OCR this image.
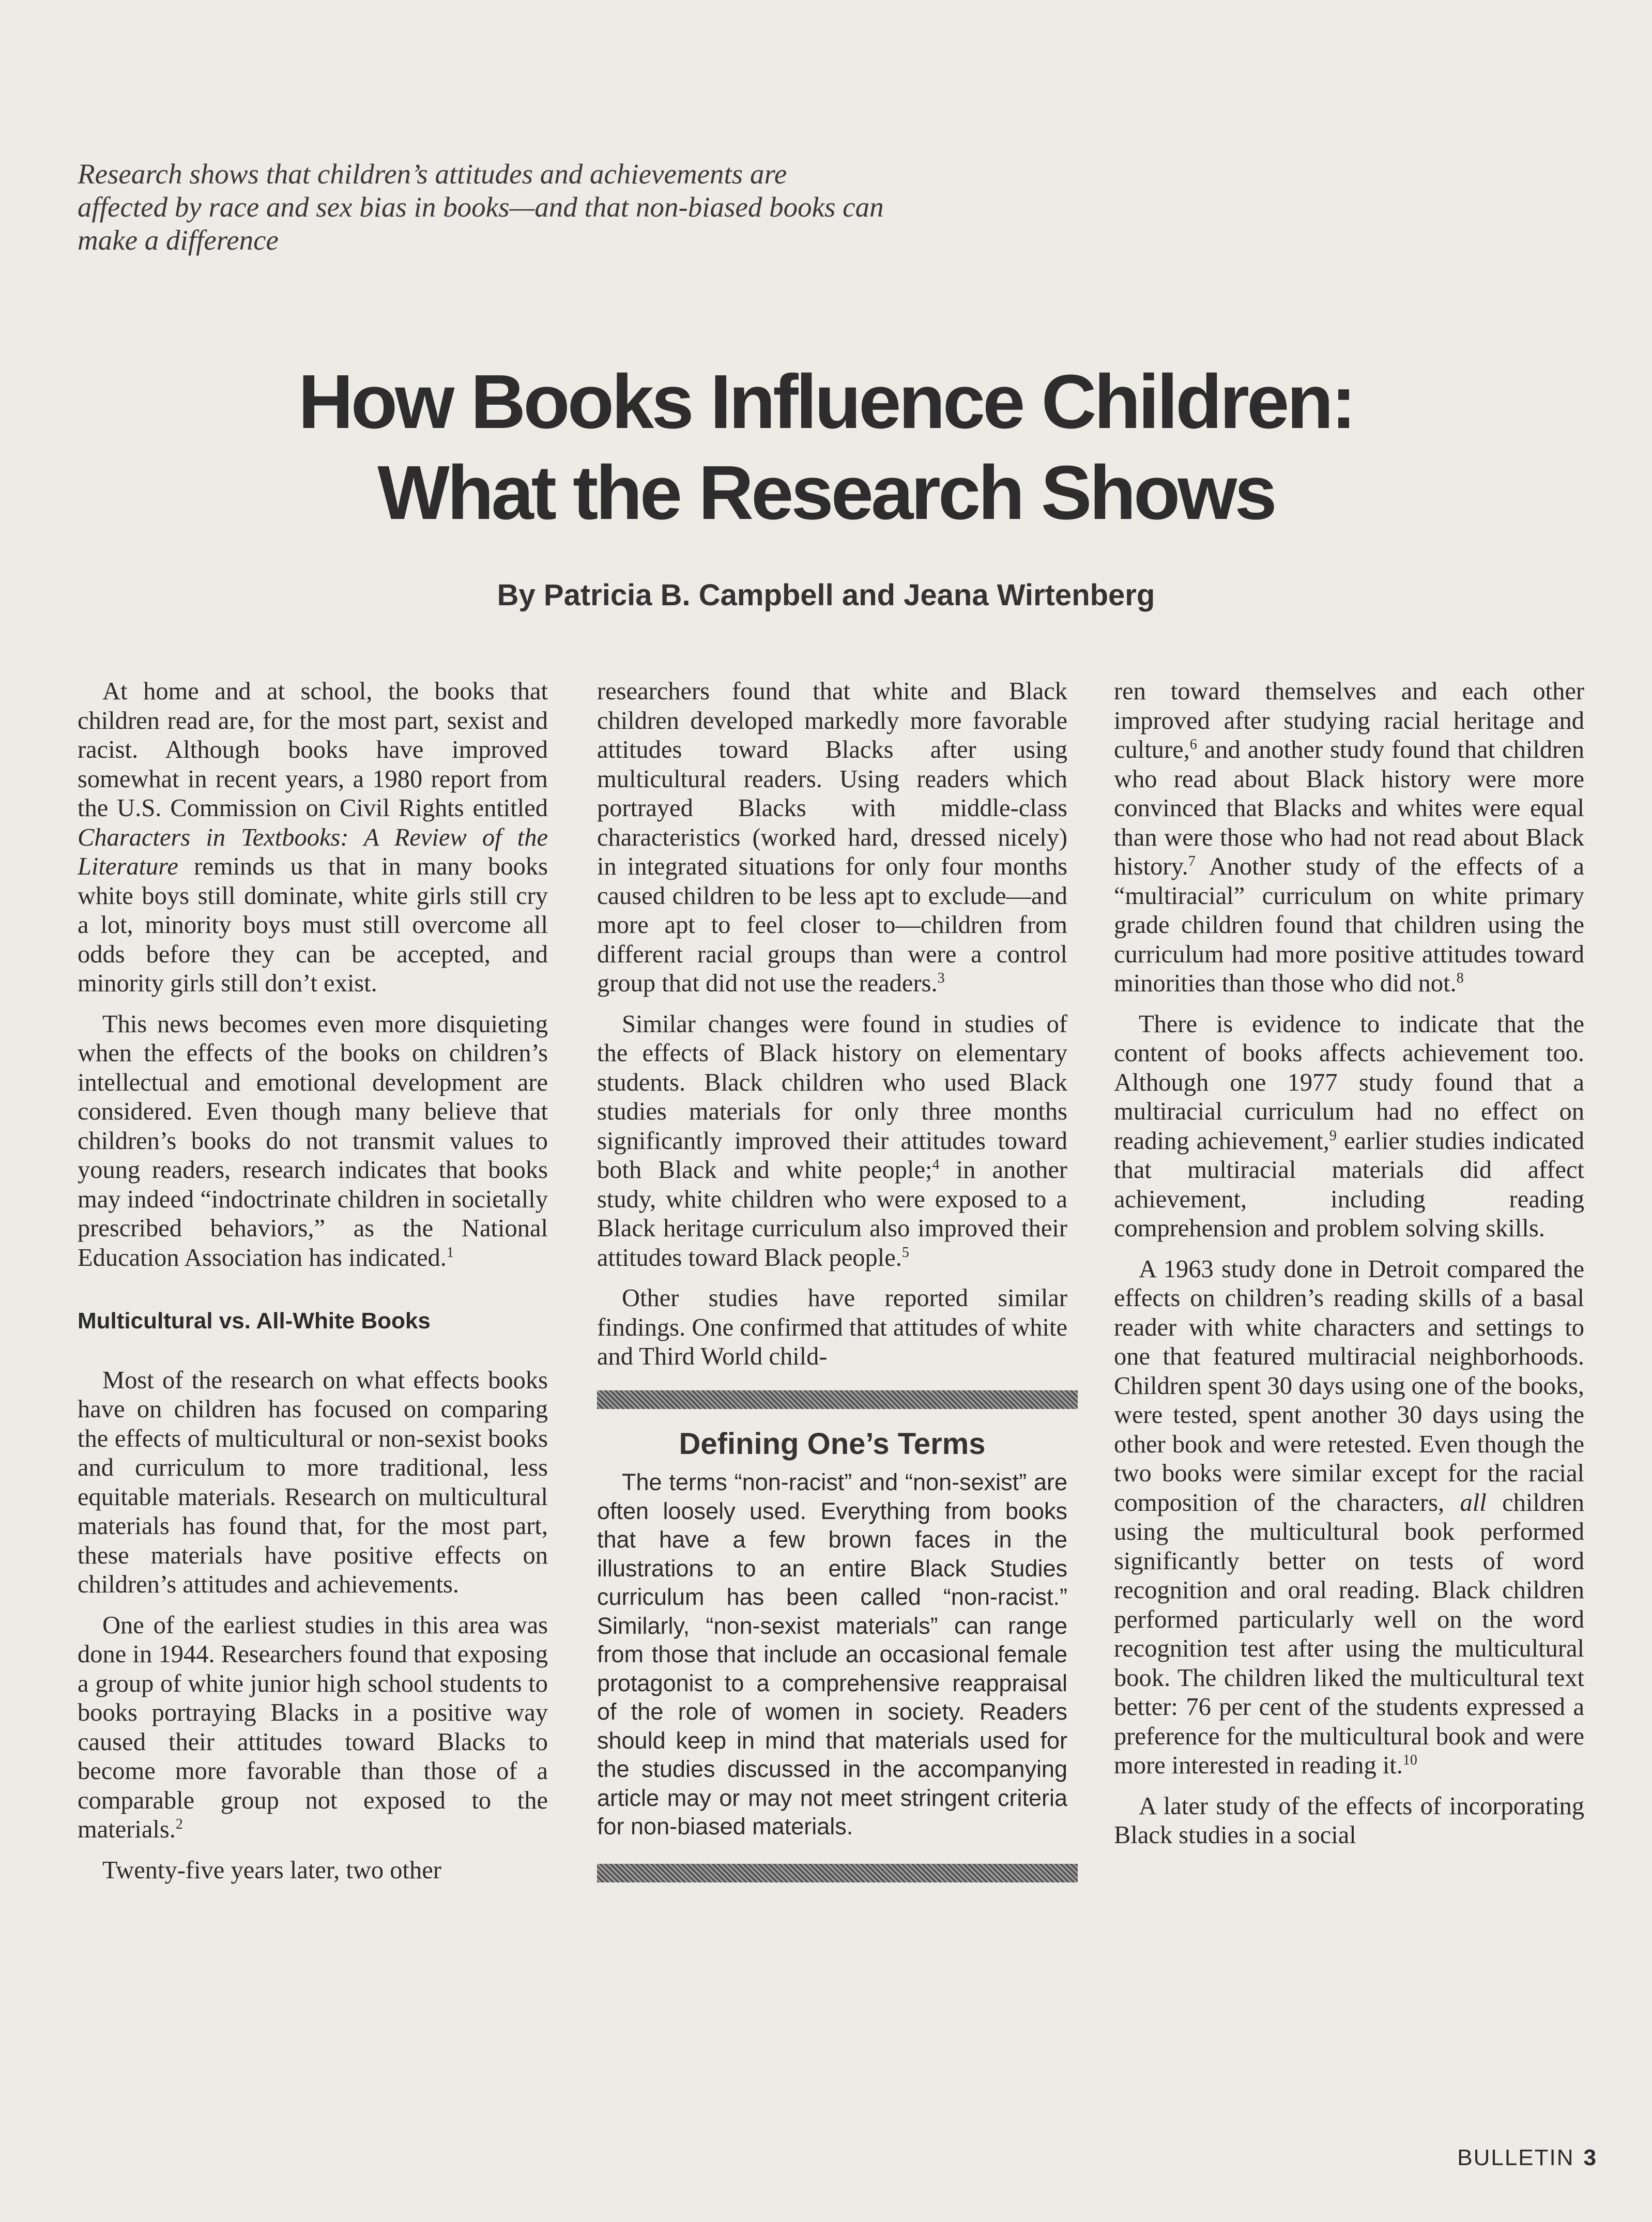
Research shows that children’s attitudes and achievements are

affected by race and sex bias in books—and that non-biased books can

make a difference

How Books Influence Children:
What the Research Shows
By Patricia B. Campbell and Jeana Wirtenberg

At home and at school, the books that children read are, for the most part, sexist and racist. Although books have improved somewhat in recent years, a 1980 report from the U.S. Commission on Civil Rights entitled Characters in Textbooks: A Review of the Literature reminds us that in many books white boys still dominate, white girls still cry a lot, minority boys must still overcome all odds before they can be accepted, and minority girls still don’t exist.

This news becomes even more disquieting when the effects of the books on children’s intellectual and emotional development are considered. Even though many believe that children’s books do not transmit values to young readers, research indicates that books may indeed “indoctrinate children in societally prescribed behaviors,” as the National Education Association has indicated.$^1$

Multicultural vs. All-White Books

Most of the research on what effects books have on children has focused on comparing the effects of multicultural or non-sexist books and curriculum to more traditional, less equitable materials. Research on multicultural materials has found that, for the most part, these materials have positive effects on children’s attitudes and achievements.

One of the earliest studies in this area was done in 1944. Researchers found that exposing a group of white junior high school students to books portraying Blacks in a positive way caused their attitudes toward Blacks to become more favorable than those of a comparable group not exposed to the materials.$^2$

Twenty-five years later, two other

researchers found that white and Black children developed markedly more favorable attitudes toward Blacks after using multicultural readers. Using readers which portrayed Blacks with middle-class characteristics (worked hard, dressed nicely) in integrated situations for only four months caused children to be less apt to exclude—and more apt to feel closer to—children from different racial groups than were a control group that did not use the readers.$^3$

Similar changes were found in studies of the effects of Black history on elementary students. Black children who used Black studies materials for only three months significantly improved their attitudes toward both Black and white people;$^4$ in another study, white children who were exposed to a Black heritage curriculum also improved their attitudes toward Black people.$^5$

Other studies have reported similar findings. One confirmed that attitudes of white and Third World child-

Defining One’s Terms

The terms “non-racist” and “non-sexist” are often loosely used. Everything from books that have a few brown faces in the illustrations to an entire Black Studies curriculum has been called “non-racist.” Similarly, “non-sexist materials” can range from those that include an occasional female protagonist to a comprehensive reappraisal of the role of women in society. Readers should keep in mind that materials used for the studies discussed in the accompanying article may or may not meet stringent criteria for non-biased materials.

ren toward themselves and each other improved after studying racial heritage and culture,$^6$ and another study found that children who read about Black history were more convinced that Blacks and whites were equal than were those who had not read about Black history.$^7$ Another study of the effects of a “multiracial” curriculum on white primary grade children found that children using the curriculum had more positive attitudes toward minorities than those who did not.$^8$

There is evidence to indicate that the content of books affects achievement too. Although one 1977 study found that a multiracial curriculum had no effect on reading achievement,$^9$ earlier studies indicated that multiracial materials did affect achievement, including reading comprehension and problem solving skills.

A 1963 study done in Detroit compared the effects on children’s reading skills of a basal reader with white characters and settings to one that featured multiracial neighborhoods. Children spent 30 days using one of the books, were tested, spent another 30 days using the other book and were retested. Even though the two books were similar except for the racial composition of the characters, all children using the multicultural book performed significantly better on tests of word recognition and oral reading. Black children performed particularly well on the word recognition test after using the multicultural book. The children liked the multicultural text better: 76 per cent of the students expressed a preference for the multicultural book and were more interested in reading it.$^{10}$

A later study of the effects of incorporating Black studies in a social

BULLETIN 3
